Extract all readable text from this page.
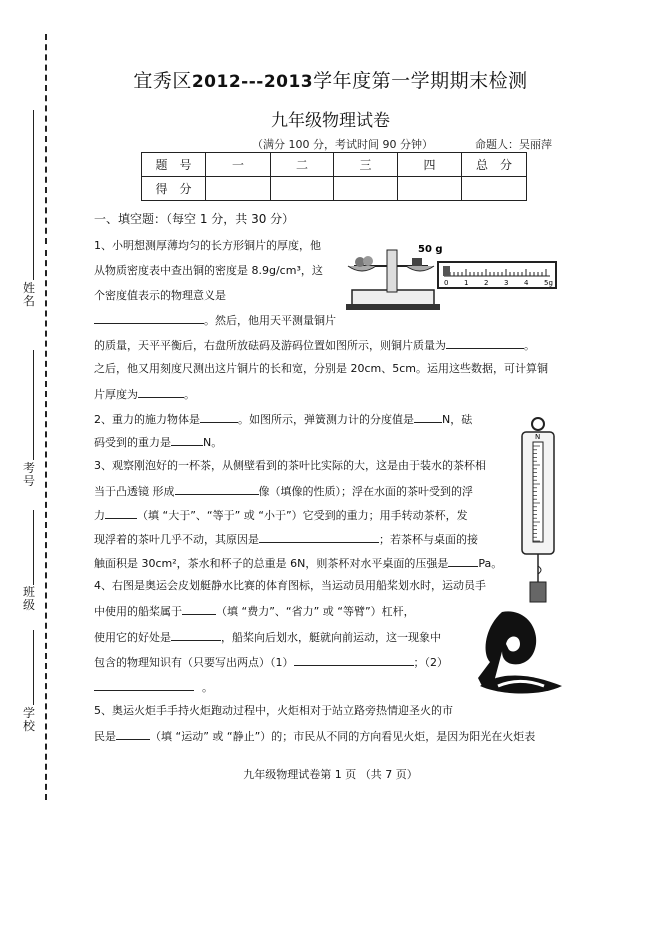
姓名
考号
班级
学校
宜秀区2012---2013学年度第一学期期末检测
九年级物理试卷
（满分 100 分，考试时间 90 分钟）	命题人：吴丽萍
题　号	一	二	三	四	总　分
得　分					
一、填空题：（每空 1 分，共 30 分）
1、小明想测厚薄均匀的长方形铜片的厚度，他
从物质密度表中查出铜的密度是 8.9g/cm³，这
个密度值表示的物理意义是
。然后，他用天平测量铜片
的质量，天平平衡后，右盘所放砝码及游码位置如图所示，则铜片质量为	。
之后，他又用刻度尺测出这片铜片的长和宽，分别是 20cm、5cm。运用这些数据，可计算铜
片厚度为	。
2、重力的施力物体是	。如图所示，弹簧测力计的分度值是	N，砝
码受到的重力是	N。
3、观察刚泡好的一杯茶，从侧壁看到的茶叶比实际的大，这是由于装水的茶杯相
当于凸透镜 形成	像（填像的性质）；浮在水面的茶叶受到的浮
力	（填 “大于”、“等于” 或 “小于”）它受到的重力；用手转动茶杯，发
现浮着的茶叶几乎不动，其原因是	；若茶杯与桌面的接
触面积是 30cm²，茶水和杯子的总重是 6N，则茶杯对水平桌面的压强是	Pa。
4、右图是奥运会皮划艇静水比赛的体育图标，当运动员用船桨划水时，运动员手
中使用的船桨属于	（填 “费力”、“省力” 或 “等臂”）杠杆，
使用它的好处是	，船桨向后划水，艇就向前运动，这一现象中
包含的物理知识有（只要写出两点）（1）	；（2）
。
5、奥运火炬手手持火炬跑动过程中，火炬相对于站立路旁热情迎圣火的市
民是	（填 “运动” 或 “静止”）的；市民从不同的方向看见火炬，是因为阳光在火炬表
50 g
0 1 2 3 4 5g
N
九年级物理试卷第 1 页 （共 7 页）
